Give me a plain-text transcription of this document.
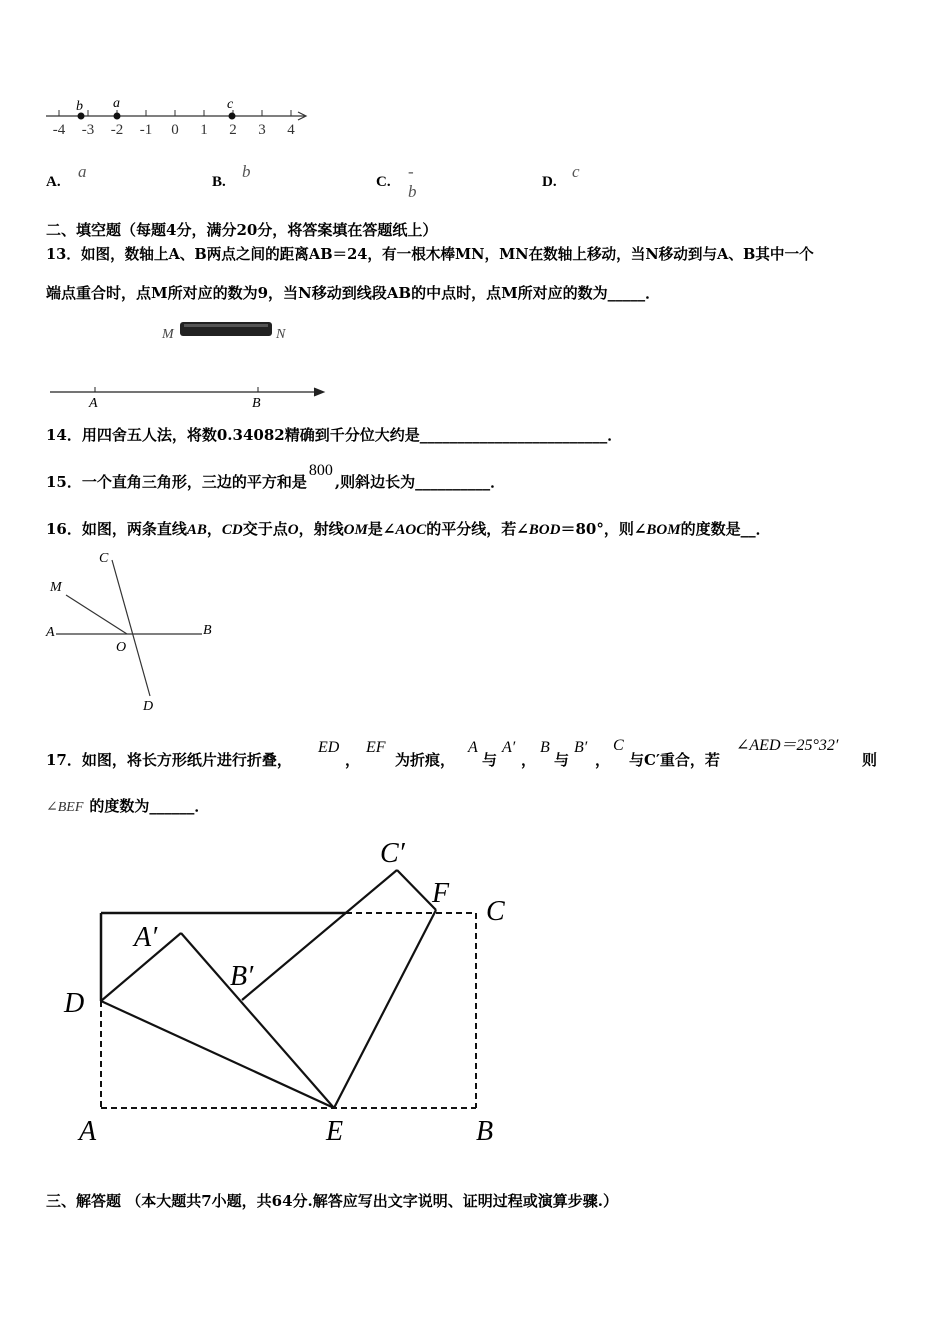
-4 -3 -2 -1 0 1 2 3 4
b a	c
A.
a
B.
b
C.
- b	D.
c
二、填空题（每题4分，满分20分，将答案填在答题纸上）
13．如图，数轴上A、B两点之间的距离AB＝24，有一根木棒MN，MN在数轴上移动，当N移动到与A、B其中一个
端点重合时，点M所对应的数为9，当N移动到线段AB的中点时，点M所对应的数为_____．
M	N
A	B
14．用四舍五人法，将数0.34082精确到千分位大约是_________________________．
15．一个直角三角形，三边的平方和是800,则斜边长为__________．
16．如图，两条直线AB，CD交于点O，射线OM是∠AOC的平分线，若∠BOD＝80°，则∠BOM的度数是__．
C
M
A
O
B
D
17．如图，将长方形纸片进行折叠，
ED
，
EF
为折痕，
A
与
A′
，
B
与
B′
，
C
与C′重合，若
∠AED＝25°32′
则
∠BEF 的度数为______．
C′
F
C
A′
B′
D
A	E	B
三、解答题 （本大题共7小题，共64分.解答应写出文字说明、证明过程或演算步骤.）
